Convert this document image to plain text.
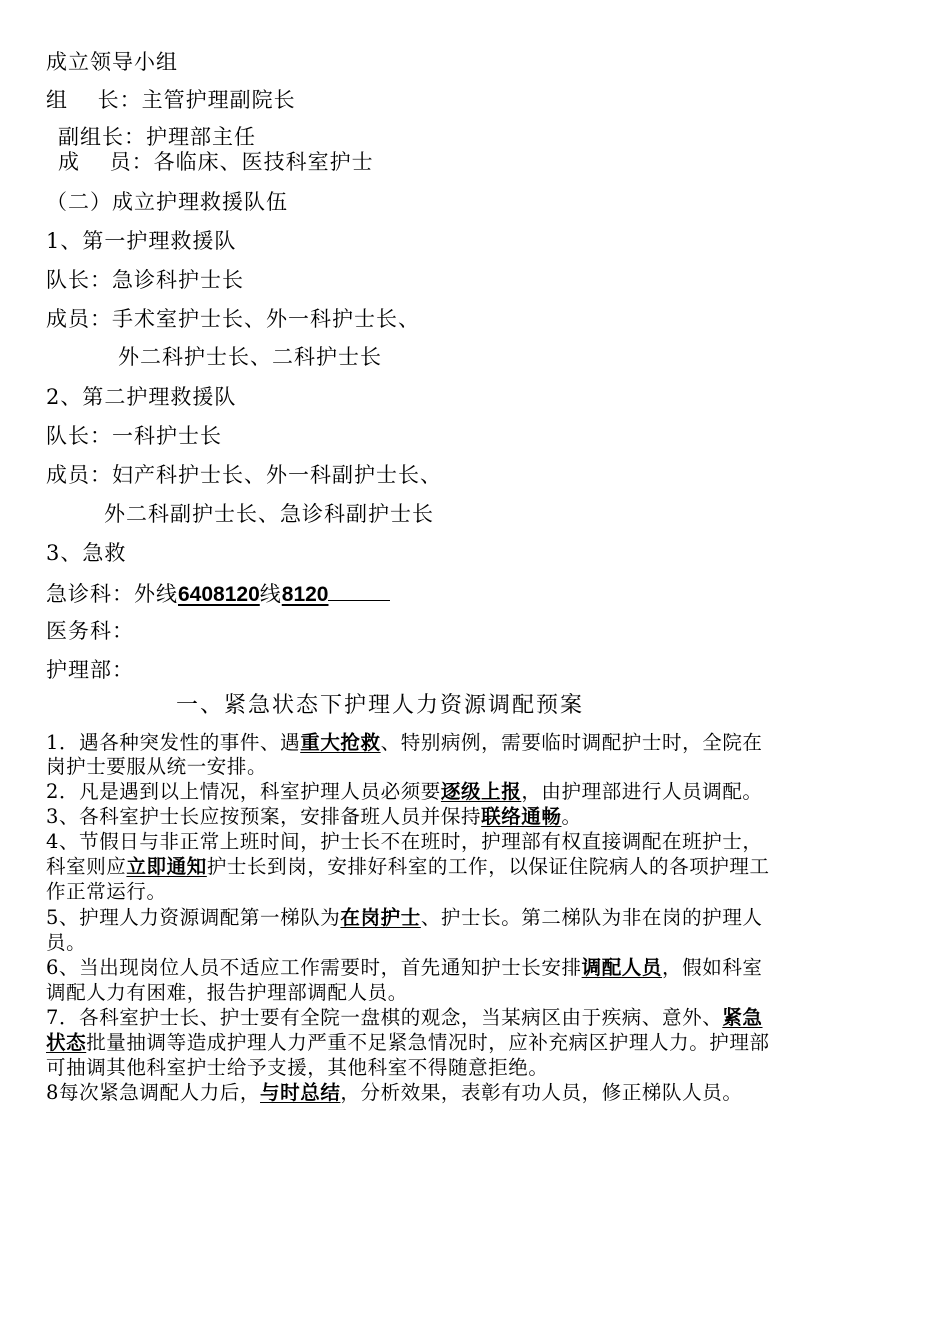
成立领导小组
组　 长：主管护理副院长
副组长：护理部主任
成　 员：各临床、医技科室护士
（二）成立护理救援队伍
1、第一护理救援队
队长：急诊科护士长
成员：手术室护士长、外一科护士长、
外二科护士长、二科护士长
2、第二护理救援队
队长：一科护士长
成员：妇产科护士长、外一科副护士长、
外二科副护士长、急诊科副护士长
3、急救
急诊科：外线6408120线8120
医务科：
护理部：
一、紧急状态下护理人力资源调配预案
1．遇各种突发性的事件、遇重大抢救、特别病例，需要临时调配护士时，全院在
岗护士要服从统一安排。
2．凡是遇到以上情况，科室护理人员必须要逐级上报，由护理部进行人员调配。
3、各科室护士长应按预案，安排备班人员并保持联络通畅。
4、节假日与非正常上班时间，护士长不在班时，护理部有权直接调配在班护士，
科室则应立即通知护士长到岗，安排好科室的工作，以保证住院病人的各项护理工
作正常运行。
5、护理人力资源调配第一梯队为在岗护士、护士长。第二梯队为非在岗的护理人
员。
6、当出现岗位人员不适应工作需要时，首先通知护士长安排调配人员，假如科室
调配人力有困难，报告护理部调配人员。
7．各科室护士长、护士要有全院一盘棋的观念，当某病区由于疾病、意外、紧急
状态批量抽调等造成护理人力严重不足紧急情况时，应补充病区护理人力。护理部
可抽调其他科室护士给予支援，其他科室不得随意拒绝。
8每次紧急调配人力后，与时总结，分析效果，表彰有功人员，修正梯队人员。
